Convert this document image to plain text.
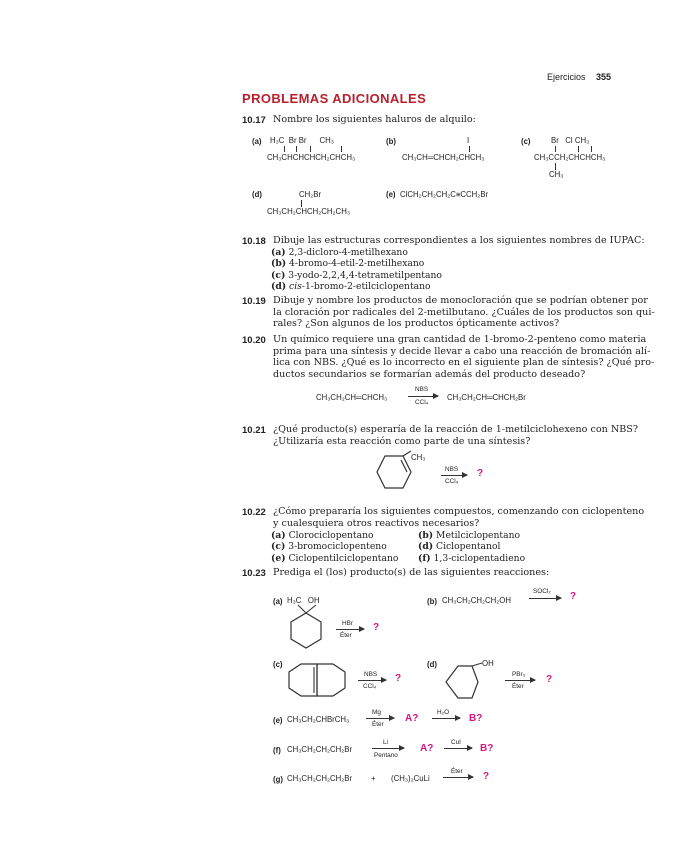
Ejercicios 355
PROBLEMAS ADICIONALES
10.17 Nombre los siguientes haluros de alquilo:
(a) H₃C  Br Br      CH₃
CH₃CHCHCHCH₂CHCH₃
(b)	I
CH₃CH═CHCH₂CHCH₃
(c)	Br   Cl CH₃
CH₃CCH₂CHCHCH₃
CH₃
(d)	CH₂Br
CH₃CH₂CHCH₂CH₂CH₃
(e) ClCH₂CH₂CH₂C≡CCH₂Br
10.18 Dibuje las estructuras correspondientes a los siguientes nombres de IUPAC:
(a) 2,3-dicloro-4-metilhexano
(b) 4-bromo-4-etil-2-metilhexano
(c) 3-yodo-2,2,4,4-tetrametilpentano
(d) cis-1-bromo-2-etilciclopentano
10.19 Dibuje y nombre los productos de monocloración que se podrían obtener por
la cloración por radicales del 2-metilbutano. ¿Cuáles de los productos son qui-
rales? ¿Son algunos de los productos ópticamente activos?
10.20 Un químico requiere una gran cantidad de 1-bromo-2-penteno como materia
prima para una síntesis y decide llevar a cabo una reacción de bromación alí-
lica con NBS. ¿Qué es lo incorrecto en el siguiente plan de síntesis? ¿Qué pro-
ductos secundarios se formarían además del producto deseado?
CH₃CH₂CH═CHCH₃
NBS
CCl₄
CH₃CH₂CH═CHCH₂Br
10.21 ¿Qué producto(s) esperaría de la reacción de 1-metilciclohexeno con NBS?
¿Utilizaría esta reacción como parte de una síntesis?
CH₃
NBS
CCl₄
?
10.22 ¿Cómo prepararía los siguientes compuestos, comenzando con ciclopenteno
y cualesquiera otros reactivos necesarios?
(a) Clorociclopentano
(c) 3-bromociclopenteno
(e) Ciclopentilciclopentano
(b) Metilciclopentano
(d) Ciclopentanol
(f) 1,3-ciclopentadieno
10.23 Prediga el (los) producto(s) de las siguientes reacciones:
(a) H₃C   OH
HBr
Éter
?
(b) CH₃CH₂CH₂CH₂OH
SOCl₂ → ?
(c)
NBS
CCl₄
?
(d)	OH
PBr₃
Éter
?
(e) CH₃CH₂CHBrCH₃
Mg
Éter
A?
H₂O
→ B?
(f) CH₃CH₂CH₂CH₂Br
Li
Pentano
A?
CuI
→ B?
(g) CH₃CH₂CH₂CH₂Br + (CH₃)₂CuLi
Éter → ?
